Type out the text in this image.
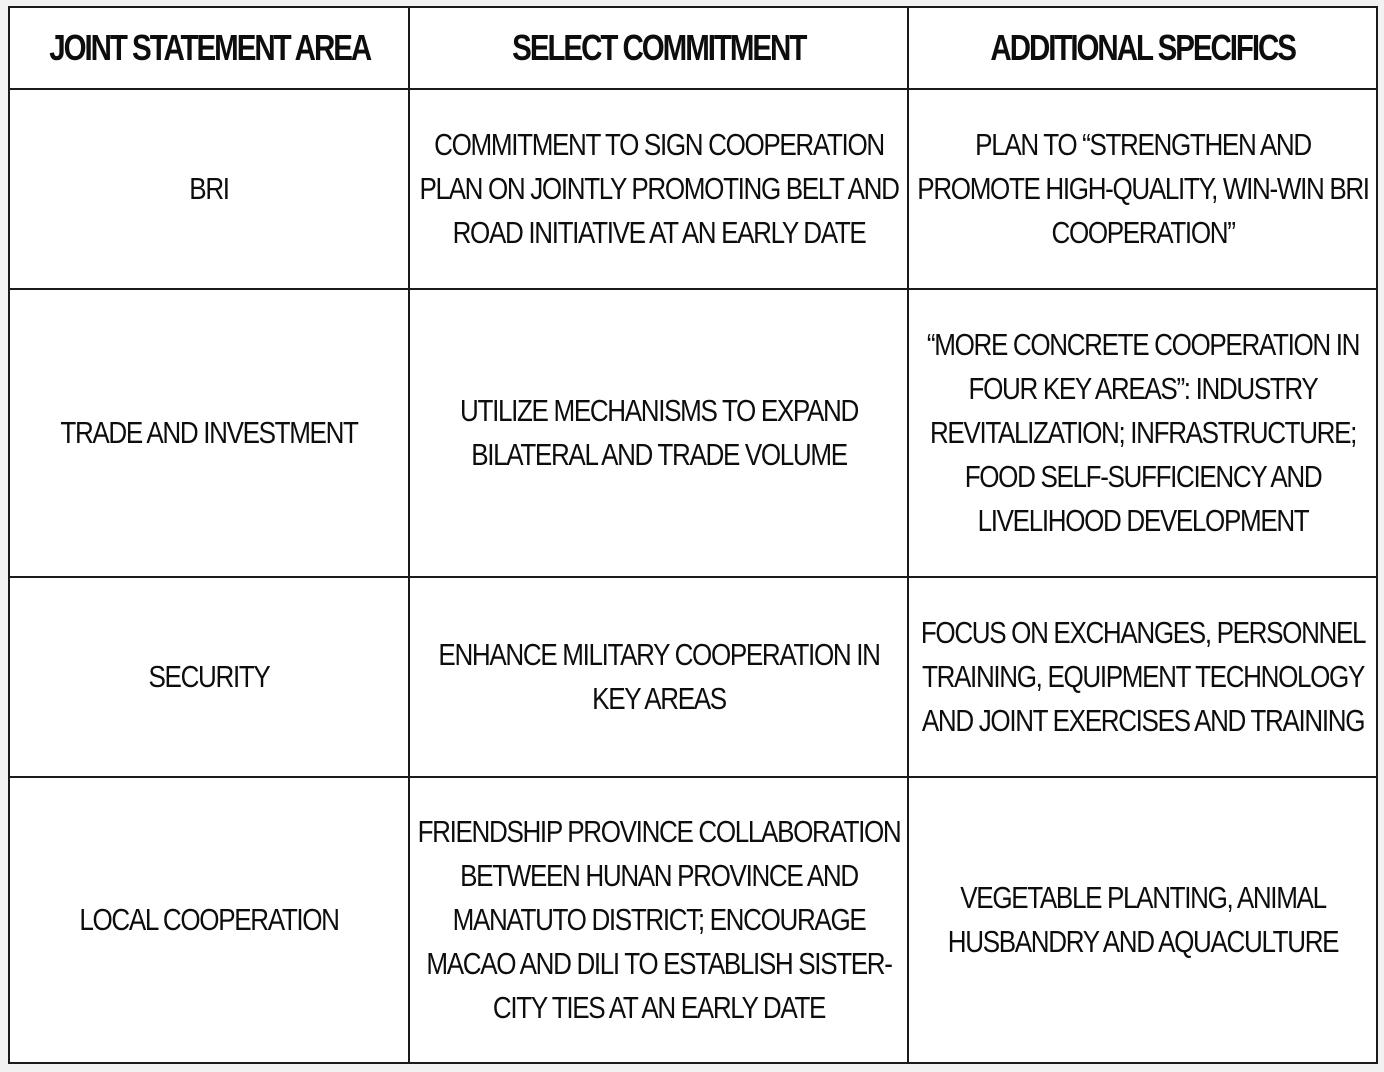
JOINT STATEMENT AREA	SELECT COMMITMENT	ADDITIONAL SPECIFICS
BRI	COMMITMENT TO SIGN COOPERATION PLAN ON JOINTLY PROMOTING BELT AND ROAD INITIATIVE AT AN EARLY DATE	PLAN TO “STRENGTHEN AND PROMOTE HIGH-QUALITY, WIN-WIN BRI COOPERATION”
TRADE AND INVESTMENT	UTILIZE MECHANISMS TO EXPAND BILATERAL AND TRADE VOLUME	“MORE CONCRETE COOPERATION IN FOUR KEY AREAS”: INDUSTRY REVITALIZATION; INFRASTRUCTURE; FOOD SELF-SUFFICIENCY AND LIVELIHOOD DEVELOPMENT
SECURITY	ENHANCE MILITARY COOPERATION IN KEY AREAS	FOCUS ON EXCHANGES, PERSONNEL TRAINING, EQUIPMENT TECHNOLOGY AND JOINT EXERCISES AND TRAINING
LOCAL COOPERATION	FRIENDSHIP PROVINCE COLLABORATION BETWEEN HUNAN PROVINCE AND MANATUTO DISTRICT; ENCOURAGE MACAO AND DILI TO ESTABLISH SISTER-CITY TIES AT AN EARLY DATE	VEGETABLE PLANTING, ANIMAL HUSBANDRY AND AQUACULTURE
